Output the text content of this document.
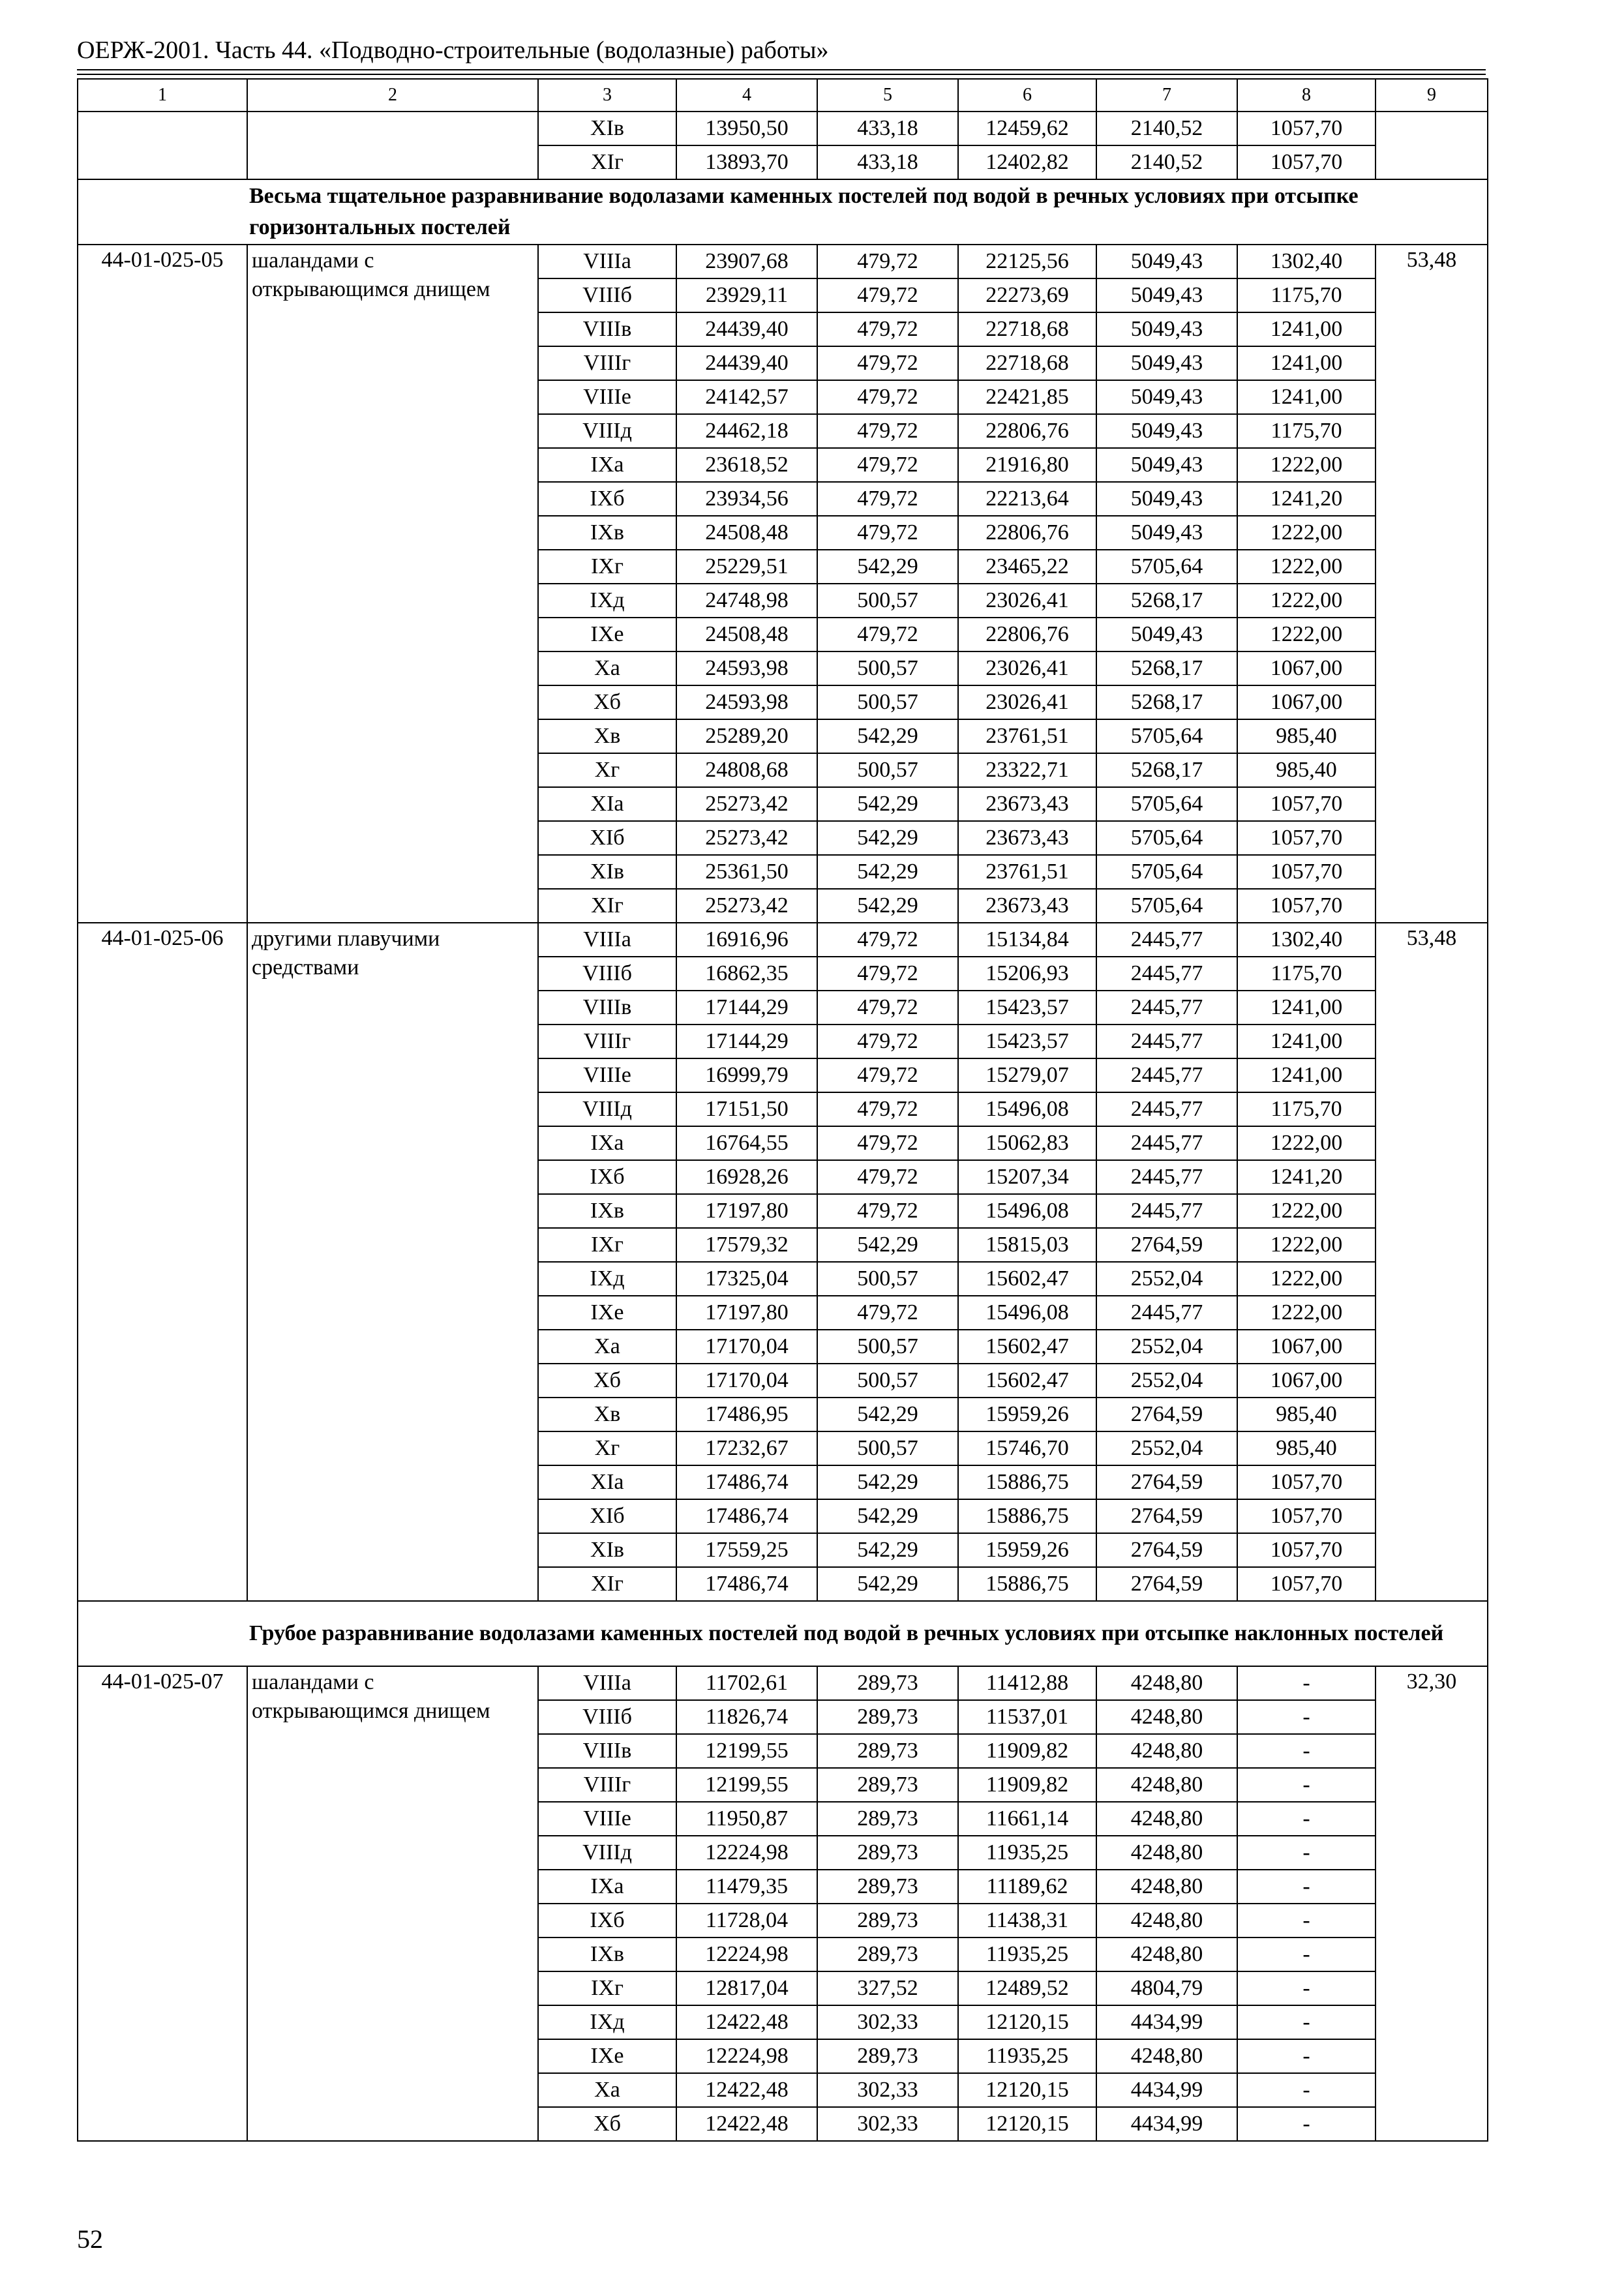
ОЕРЖ-2001. Часть 44. «Подводно-строительные (водолазные) работы»
1	2	3	4	5	6	7	8	9
		XIв	13950,50	433,18	12459,62	2140,52	1057,70	
		XIг	13893,70	433,18	12402,82	2140,52	1057,70	
Весьма тщательное разравнивание водолазами каменных постелей под водой в речных условиях при отсыпке горизонтальных постелей								
44-01-025-05	шаландами с открывающимся днищем	VIIIа	23907,68	479,72	22125,56	5049,43	1302,40	53,48
		VIIIб	23929,11	479,72	22273,69	5049,43	1175,70	
		VIIIв	24439,40	479,72	22718,68	5049,43	1241,00	
		VIIIг	24439,40	479,72	22718,68	5049,43	1241,00	
		VIIIе	24142,57	479,72	22421,85	5049,43	1241,00	
		VIIIд	24462,18	479,72	22806,76	5049,43	1175,70	
		IXа	23618,52	479,72	21916,80	5049,43	1222,00	
		IXб	23934,56	479,72	22213,64	5049,43	1241,20	
		IXв	24508,48	479,72	22806,76	5049,43	1222,00	
		IXг	25229,51	542,29	23465,22	5705,64	1222,00	
		IXд	24748,98	500,57	23026,41	5268,17	1222,00	
		IXе	24508,48	479,72	22806,76	5049,43	1222,00	
		Xа	24593,98	500,57	23026,41	5268,17	1067,00	
		Xб	24593,98	500,57	23026,41	5268,17	1067,00	
		Xв	25289,20	542,29	23761,51	5705,64	985,40	
		Xг	24808,68	500,57	23322,71	5268,17	985,40	
		XIа	25273,42	542,29	23673,43	5705,64	1057,70	
		XIб	25273,42	542,29	23673,43	5705,64	1057,70	
		XIв	25361,50	542,29	23761,51	5705,64	1057,70	
		XIг	25273,42	542,29	23673,43	5705,64	1057,70	
44-01-025-06	другими плавучими средствами	VIIIа	16916,96	479,72	15134,84	2445,77	1302,40	53,48
		VIIIб	16862,35	479,72	15206,93	2445,77	1175,70	
		VIIIв	17144,29	479,72	15423,57	2445,77	1241,00	
		VIIIг	17144,29	479,72	15423,57	2445,77	1241,00	
		VIIIе	16999,79	479,72	15279,07	2445,77	1241,00	
		VIIIд	17151,50	479,72	15496,08	2445,77	1175,70	
		IXа	16764,55	479,72	15062,83	2445,77	1222,00	
		IXб	16928,26	479,72	15207,34	2445,77	1241,20	
		IXв	17197,80	479,72	15496,08	2445,77	1222,00	
		IXг	17579,32	542,29	15815,03	2764,59	1222,00	
		IXд	17325,04	500,57	15602,47	2552,04	1222,00	
		IXе	17197,80	479,72	15496,08	2445,77	1222,00	
		Xа	17170,04	500,57	15602,47	2552,04	1067,00	
		Xб	17170,04	500,57	15602,47	2552,04	1067,00	
		Xв	17486,95	542,29	15959,26	2764,59	985,40	
		Xг	17232,67	500,57	15746,70	2552,04	985,40	
		XIа	17486,74	542,29	15886,75	2764,59	1057,70	
		XIб	17486,74	542,29	15886,75	2764,59	1057,70	
		XIв	17559,25	542,29	15959,26	2764,59	1057,70	
		XIг	17486,74	542,29	15886,75	2764,59	1057,70	
Грубое разравнивание водолазами каменных постелей под водой в речных условиях при отсыпке наклонных постелей								
44-01-025-07	шаландами с открывающимся днищем	VIIIа	11702,61	289,73	11412,88	4248,80	-	32,30
		VIIIб	11826,74	289,73	11537,01	4248,80	-	
		VIIIв	12199,55	289,73	11909,82	4248,80	-	
		VIIIг	12199,55	289,73	11909,82	4248,80	-	
		VIIIе	11950,87	289,73	11661,14	4248,80	-	
		VIIIд	12224,98	289,73	11935,25	4248,80	-	
		IXа	11479,35	289,73	11189,62	4248,80	-	
		IXб	11728,04	289,73	11438,31	4248,80	-	
		IXв	12224,98	289,73	11935,25	4248,80	-	
		IXг	12817,04	327,52	12489,52	4804,79	-	
		IXд	12422,48	302,33	12120,15	4434,99	-	
		IXе	12224,98	289,73	11935,25	4248,80	-	
		Xа	12422,48	302,33	12120,15	4434,99	-	
		Xб	12422,48	302,33	12120,15	4434,99	-	
52
